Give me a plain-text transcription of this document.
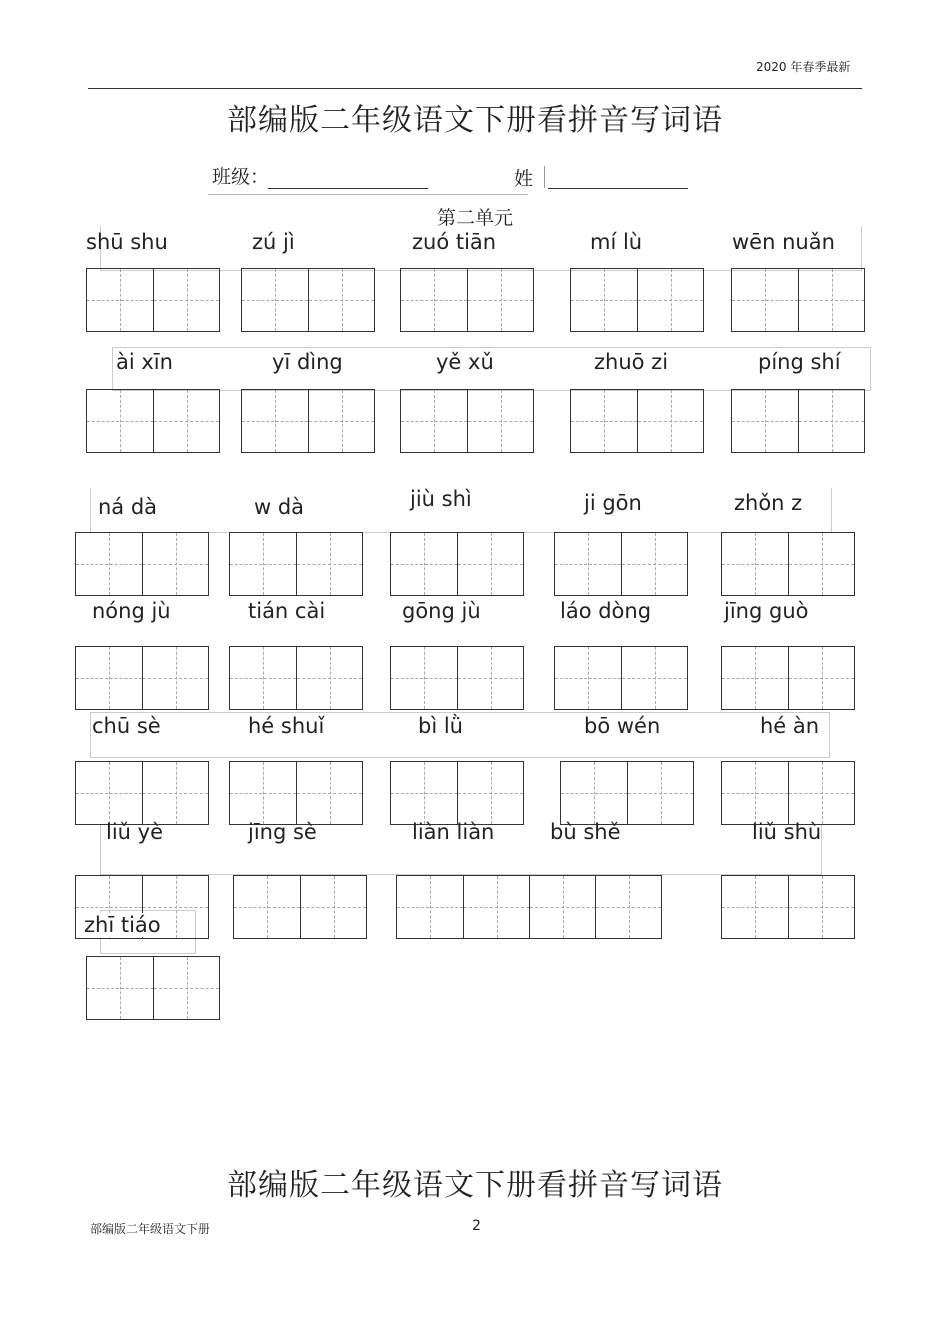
2020 年春季最新
部编版二年级语文下册看拼音写词语
班级：	姓
第二单元
shū shu	zú jì	zuó tiān	mí lù	wēn nuǎn
ài xīn	yī dìng	yě xǔ	zhuō zi	píng shí
ná dà	w dà	jiù shì	ji gōn	zhǒn z
nóng jù	tián cài	gōng jù	láo dòng	jīng guò
chū sè	hé shuǐ	bì lǜ	bō wén	hé àn
liǔ yè	jīng sè	liàn liàn	bù shě	liǔ shù
zhī tiáo
部编版二年级语文下册看拼音写词语
部编版二年级语文下册	2
